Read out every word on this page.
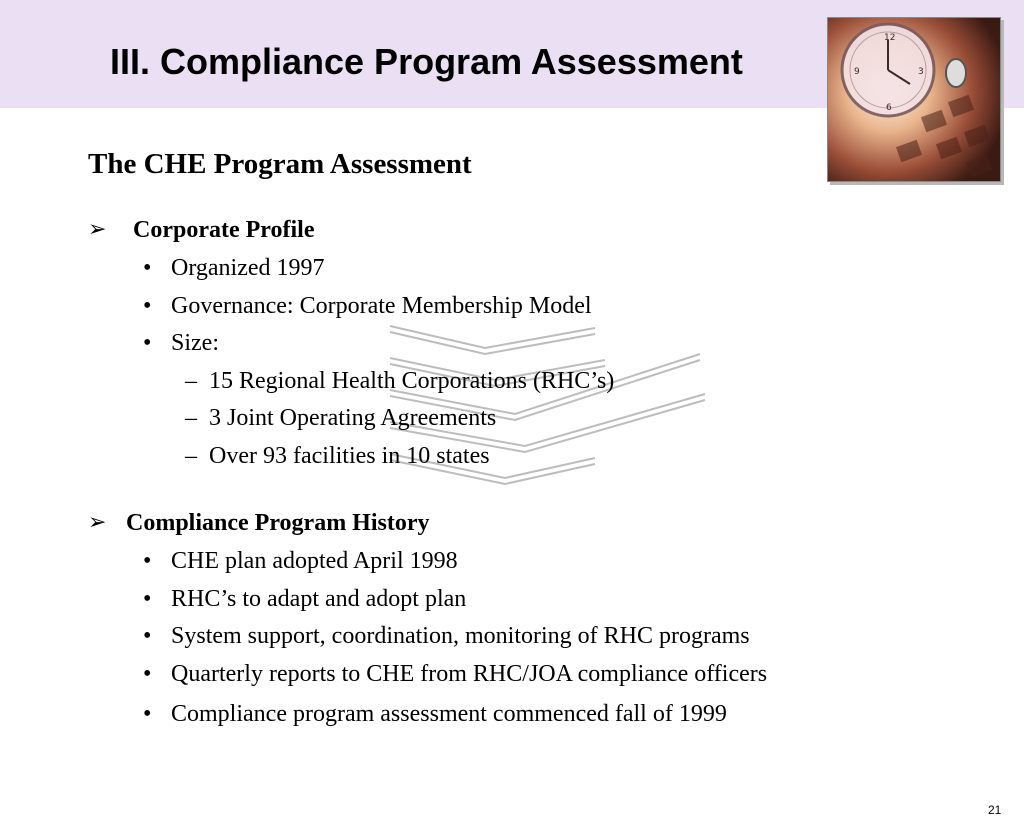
III. Compliance Program Assessment
12
3
6
9
The CHE Program Assessment
➢ Corporate Profile
• Organized 1997
• Governance: Corporate Membership Model
• Size:
– 15 Regional Health Corporations (RHC’s)
– 3 Joint Operating Agreements
– Over 93 facilities in 10 states
➢ Compliance Program History
• CHE plan adopted April 1998
• RHC’s to adapt and adopt plan
• System support, coordination, monitoring of RHC programs
• Quarterly reports to CHE from RHC/JOA compliance officers
• Compliance program assessment commenced fall of 1999
21
